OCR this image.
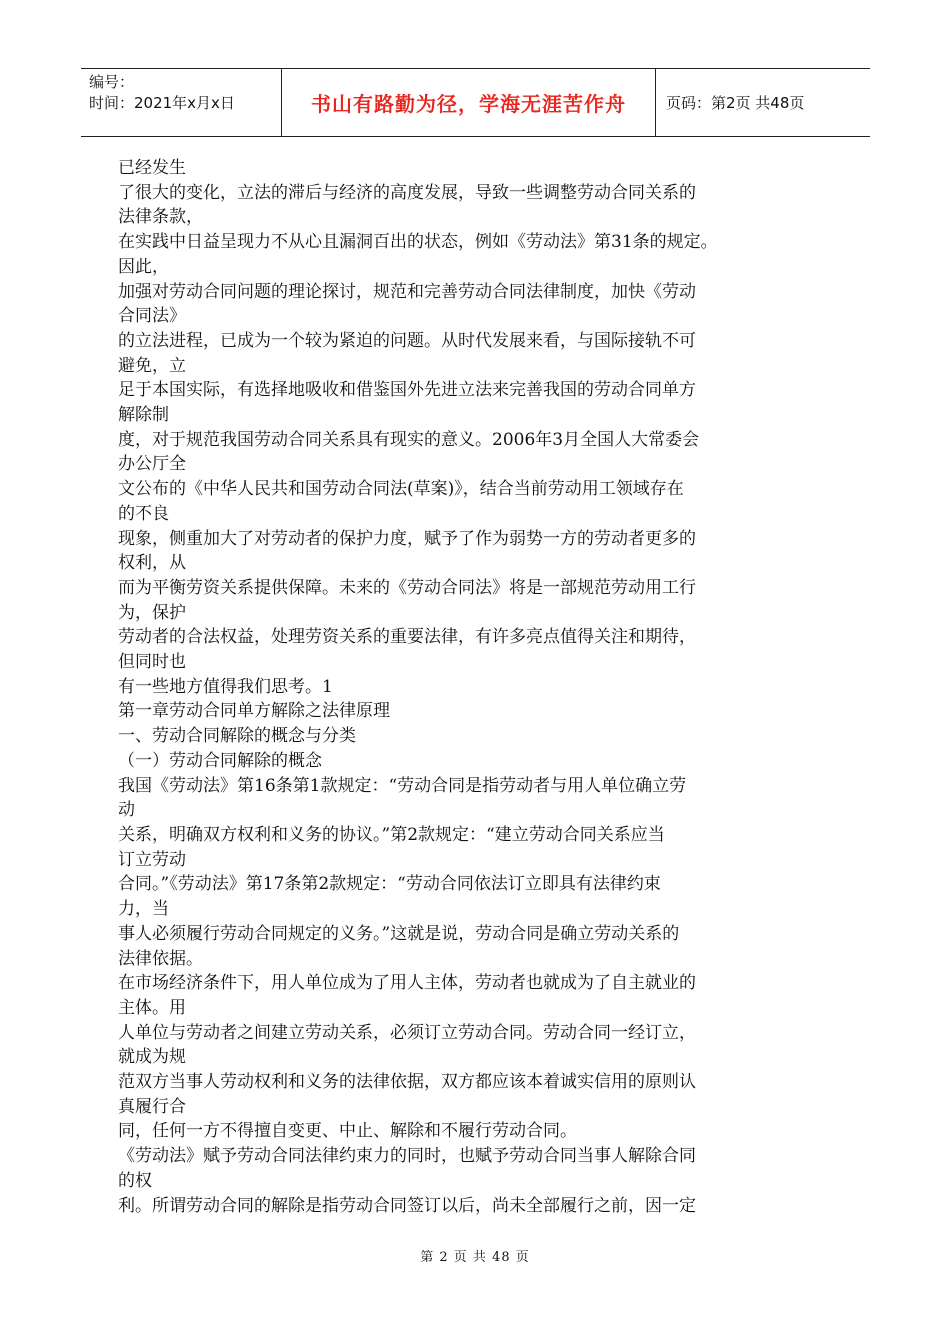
编号：
时间：2021年x月x日	书山有路勤为径，学海无涯苦作舟	页码：第2页 共48页

已经发生

了很大的变化，立法的滞后与经济的高度发展，导致一些调整劳动合同关系的

法律条款，

在实践中日益呈现力不从心且漏洞百出的状态，例如《劳动法》第31条的规定。

因此，

加强对劳动合同问题的理论探讨，规范和完善劳动合同法律制度，加快《劳动

合同法》

的立法进程，已成为一个较为紧迫的问题。从时代发展来看，与国际接轨不可

避免，立

足于本国实际，有选择地吸收和借鉴国外先进立法来完善我国的劳动合同单方

解除制

度，对于规范我国劳动合同关系具有现实的意义。2006年3月全国人大常委会

办公厅全

文公布的《中华人民共和国劳动合同法(草案)》，结合当前劳动用工领域存在

的不良

现象，侧重加大了对劳动者的保护力度，赋予了作为弱势一方的劳动者更多的

权利，从

而为平衡劳资关系提供保障。未来的《劳动合同法》将是一部规范劳动用工行

为，保护

劳动者的合法权益，处理劳资关系的重要法律，有许多亮点值得关注和期待，

但同时也

有一些地方值得我们思考。1

第一章劳动合同单方解除之法律原理

一、劳动合同解除的概念与分类

（一）劳动合同解除的概念

我国《劳动法》第16条第1款规定：“劳动合同是指劳动者与用人单位确立劳

动

关系，明确双方权利和义务的协议。”第2款规定：“建立劳动合同关系应当

订立劳动

合同。”《劳动法》第17条第2款规定：“劳动合同依法订立即具有法律约束

力，当

事人必须履行劳动合同规定的义务。”这就是说，劳动合同是确立劳动关系的

法律依据。

在市场经济条件下，用人单位成为了用人主体，劳动者也就成为了自主就业的

主体。用

人单位与劳动者之间建立劳动关系，必须订立劳动合同。劳动合同一经订立，

就成为规

范双方当事人劳动权利和义务的法律依据，双方都应该本着诚实信用的原则认

真履行合

同，任何一方不得擅自变更、中止、解除和不履行劳动合同。

《劳动法》赋予劳动合同法律约束力的同时，也赋予劳动合同当事人解除合同

的权

利。所谓劳动合同的解除是指劳动合同签订以后，尚未全部履行之前，因一定

第 2 页 共 48 页
